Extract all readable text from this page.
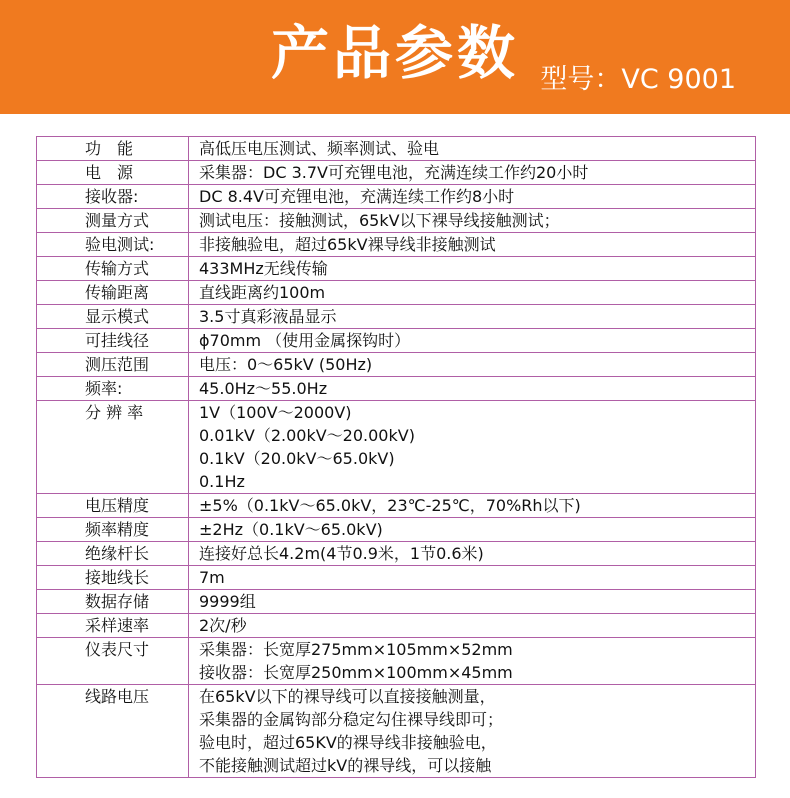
产品参数 型号：VC 9001
功　能	高低压电压测试、频率测试、验电
电　源	采集器：DC 3.7V可充锂电池，充满连续工作约20小时
接收器:	DC 8.4V可充锂电池，充满连续工作约8小时
测量方式	测试电压：接触测试，65kV以下裸导线接触测试；
验电测试:	非接触验电，超过65kV裸导线非接触测试
传输方式	433MHz无线传输
传输距离	直线距离约100m
显示模式	3.5寸真彩液晶显示
可挂线径	ϕ70mm （使用金属探钩时）
测压范围	电压：0～65kV (50Hz)
频率:	45.0Hz～55.0Hz
分 辨 率	1V（100V～2000V)
0.01kV（2.00kV～20.00kV)
0.1kV（20.0kV～65.0kV)
0.1Hz
电压精度	±5%（0.1kV～65.0kV，23℃-25℃，70%Rh以下)
频率精度	±2Hz（0.1kV～65.0kV)
绝缘杆长	连接好总长4.2m(4节0.9米，1节0.6米)
接地线长	7m
数据存储	9999组
采样速率	2次/秒
仪表尺寸	采集器：长宽厚275mm×105mm×52mm
接收器：长宽厚250mm×100mm×45mm
线路电压	在65kV以下的裸导线可以直接接触测量，
采集器的金属钩部分稳定勾住裸导线即可；
验电时，超过65KV的裸导线非接触验电，
不能接触测试超过kV的裸导线，可以接触
